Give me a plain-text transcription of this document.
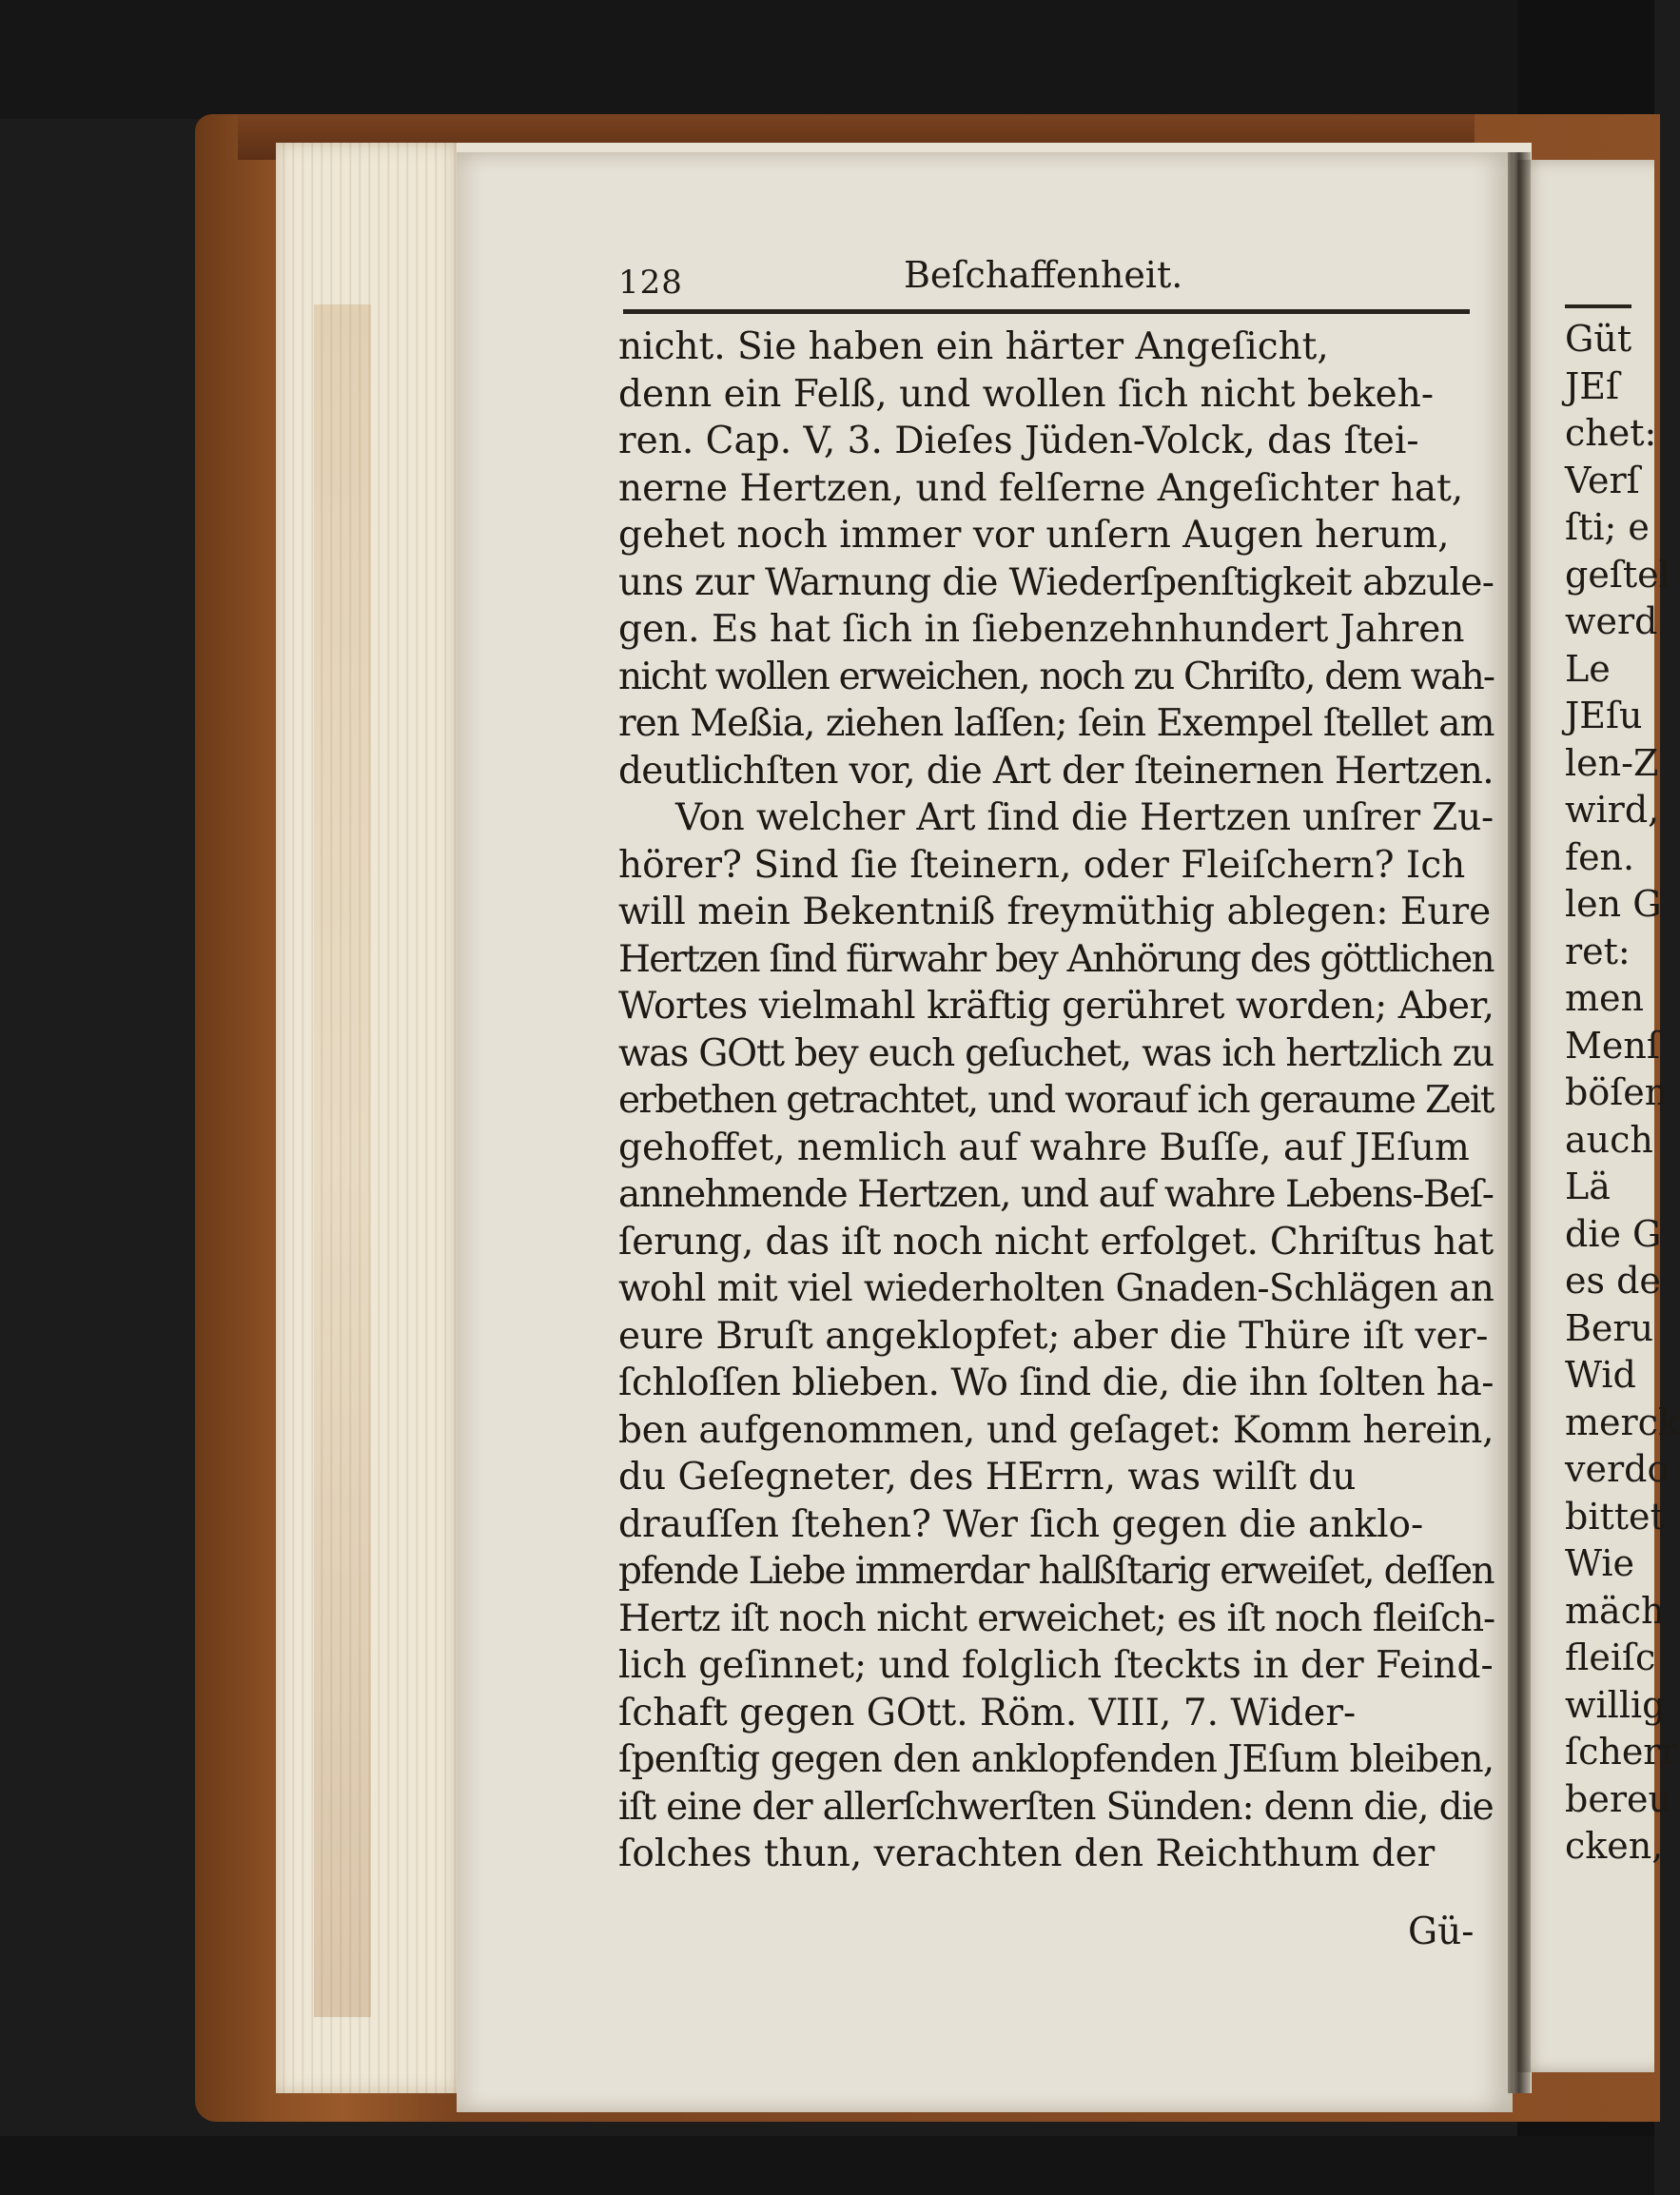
128	Beſchaffenheit.
nicht. Sie haben ein härter Angeſicht,
denn ein Felß, und wollen ſich nicht bekeh-
ren. Cap. V, 3. Dieſes Jüden-Volck, das ſtei-
nerne Hertzen, und felſerne Angeſichter hat,
gehet noch immer vor unſern Augen herum,
uns zur Warnung die Wiederſpenſtigkeit abzule-
gen. Es hat ſich in ſiebenzehnhundert Jahren
nicht wollen erweichen, noch zu Chriſto, dem wah-
ren Meßia, ziehen laſſen; ſein Exempel ſtellet am
deutlichſten vor, die Art der ſteinernen Hertzen.
Von welcher Art ſind die Hertzen unſrer Zu-
hörer? Sind ſie ſteinern, oder Fleiſchern? Ich
will mein Bekentniß freymüthig ablegen: Eure
Hertzen ſind fürwahr bey Anhörung des göttlichen
Wortes vielmahl kräftig gerühret worden; Aber,
was GOtt bey euch geſuchet, was ich hertzlich zu
erbethen getrachtet, und worauf ich geraume Zeit
gehoffet, nemlich auf wahre Buſſe, auf JEſum
annehmende Hertzen, und auf wahre Lebens-Beſ-
ſerung, das iſt noch nicht erfolget. Chriſtus hat
wohl mit viel wiederholten Gnaden-Schlägen an
eure Bruſt angeklopfet; aber die Thüre iſt ver-
ſchloſſen blieben. Wo ſind die, die ihn ſolten ha-
ben aufgenommen, und geſaget: Komm herein,
du Geſegneter, des HErrn, was wilſt du
drauſſen ſtehen? Wer ſich gegen die anklo-
pfende Liebe immerdar halßſtarig erweiſet, deſſen
Hertz iſt noch nicht erweichet; es iſt noch fleiſch-
lich geſinnet; und folglich ſteckts in der Feind-
ſchaft gegen GOtt. Röm. VIII, 7. Wider-
ſpenſtig gegen den anklopfenden JEſum bleiben,
iſt eine der allerſchwerſten Sünden: denn die, die
ſolches thun, verachten den Reichthum der
Gü-
Güt
JEſ
chet:
Verſ
ſti; e
geſtel
werd
Le
JEſu
len-Z
wird,
fen.
len G
ret:
men
Menſ
böſen
auch
Lä
die G
es de
Beru
Wid
merck
verdo
bittet
Wie
mäch
fleiſc
willig
ſcherr
bereu
cken,
